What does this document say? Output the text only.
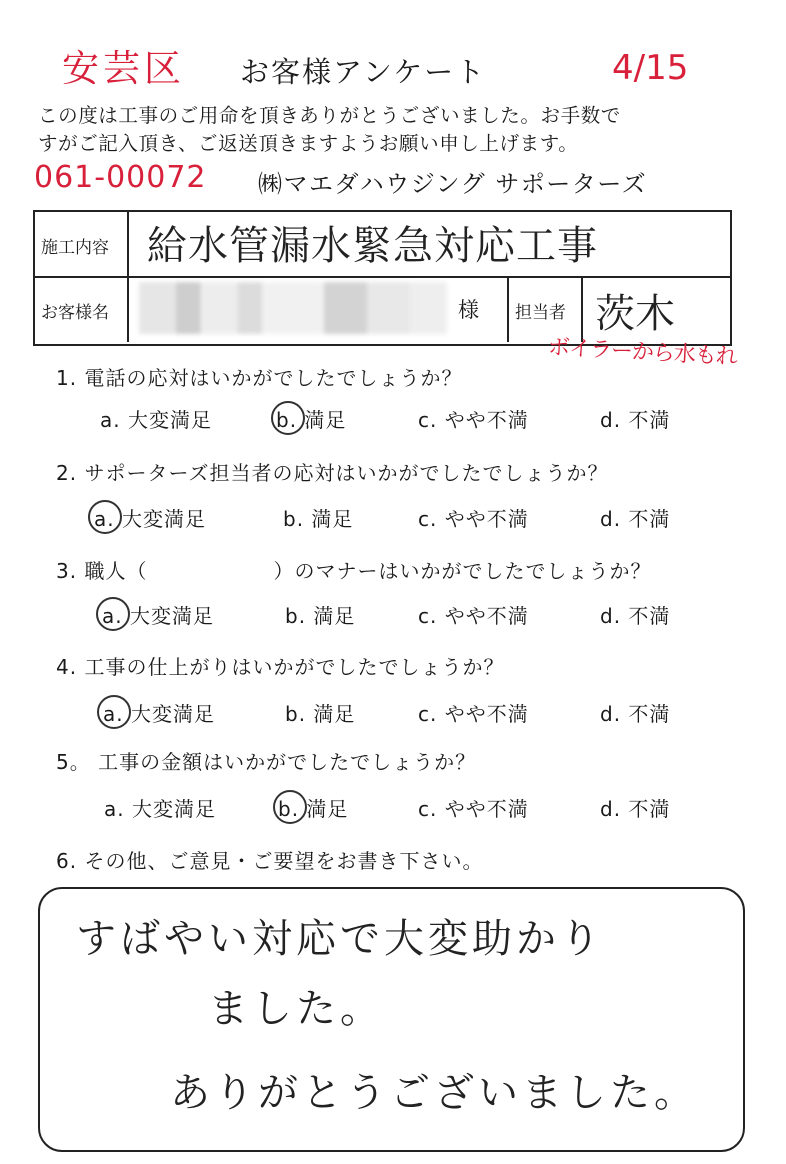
安芸区 お客様アンケート	4/15
この度は工事のご用命を頂きありがとうございました。お手数で
すがご記入頂き、ご返送頂きますようお願い申し上げます。
061-00072 ㈱マエダハウジング サポーターズ
施工内容 給水管漏水緊急対応工事
お客様名	様 担当者 茨木
ボイラーから水もれ
1. 電話の応対はいかがでしたでしょうか？
a. 大変満足	b. 満足	c. やや不満	d. 不満
2. サポーターズ担当者の応対はいかがでしたでしょうか？
a. 大変満足	b. 満足	c. やや不満	d. 不満
3. 職人（　　　　　　）のマナーはいかがでしたでしょうか？
a. 大変満足	b. 満足	c. やや不満	d. 不満
4. 工事の仕上がりはいかがでしたでしょうか？
a. 大変満足	b. 満足	c. やや不満	d. 不満
5。 工事の金額はいかがでしたでしょうか？
a. 大変満足	b. 満足	c. やや不満	d. 不満
6. その他、ご意見・ご要望をお書き下さい。
すばやい対応で大変助かり
ました。
ありがとうございました。
